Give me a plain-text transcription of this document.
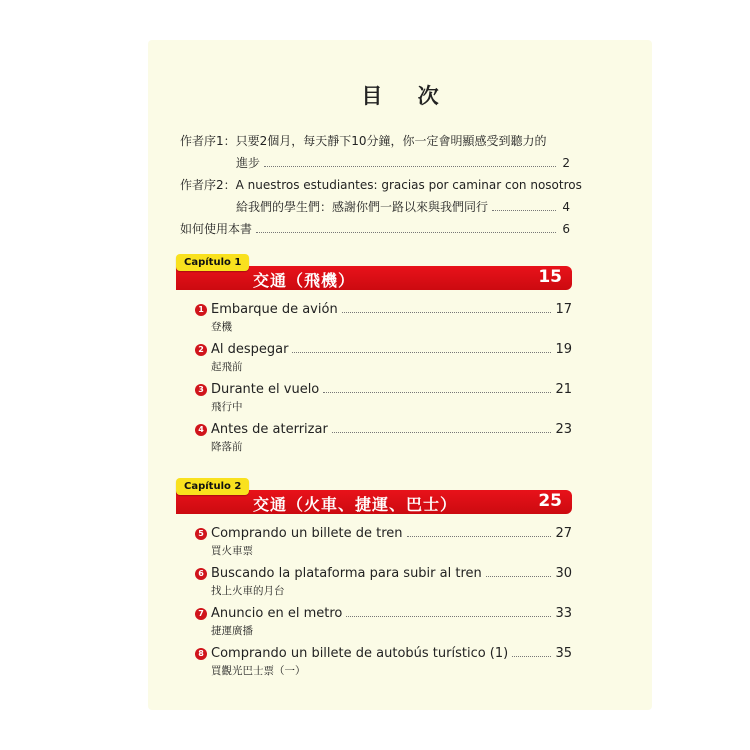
目 次
作者序1：只要2個月，每天靜下10分鐘，你一定會明顯感受到聽力的
進步	2
作者序2：A nuestros estudiantes: gracias por caminar con nosotros
給我們的學生們：感謝你們一路以來與我們同行	4
如何使用本書	6
交通（飛機）	15
Capítulo 1
1 Embarque de avión	17
登機
2 Al despegar	19
起飛前
3 Durante el vuelo	21
飛行中
4 Antes de aterrizar	23
降落前
交通（火車、捷運、巴士）	25
Capítulo 2
5 Comprando un billete de tren	27
買火車票
6 Buscando la plataforma para subir al tren	30
找上火車的月台
7 Anuncio en el metro	33
捷運廣播
8 Comprando un billete de autobús turístico (1)	35
買觀光巴士票（一）
